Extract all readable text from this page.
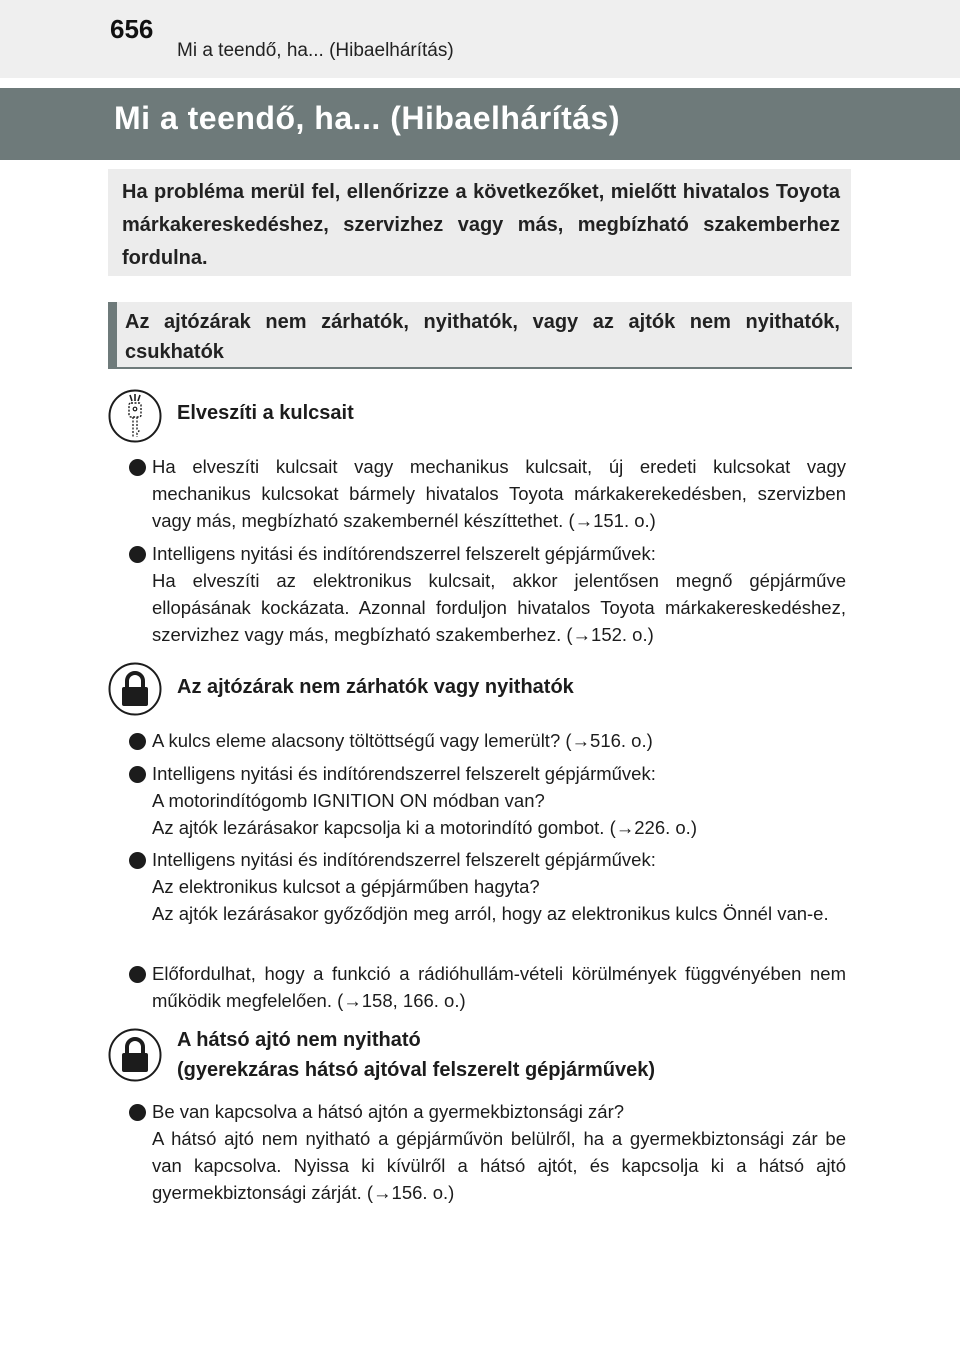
656
Mi a teendő, ha... (Hibaelhárítás)
Mi a teendő, ha... (Hibaelhárítás)
Ha probléma merül fel, ellenőrizze a következőket, mielőtt hivatalos Toyota márkakereskedéshez, szervizhez vagy más, megbízható szakemberhez fordulna.
Az ajtózárak nem zárhatók, nyithatók, vagy az ajtók nem nyithatók, csukhatók
Elveszíti a kulcsait
Ha elveszíti kulcsait vagy mechanikus kulcsait, új eredeti kulcsokat vagy mechanikus kulcsokat bármely hivatalos Toyota márkakerekedésben, szervizben vagy más, megbízható szakembernél készíttethet. (→151. o.)
Intelligens nyitási és indítórendszerrel felszerelt gépjárművek:
Ha elveszíti az elektronikus kulcsait, akkor jelentősen megnő gépjárműve ellopásának kockázata. Azonnal forduljon hivatalos Toyota márkakereskedéshez, szervizhez vagy más, megbízható szakemberhez. (→152. o.)
Az ajtózárak nem zárhatók vagy nyithatók
A kulcs eleme alacsony töltöttségű vagy lemerült? (→516. o.)
Intelligens nyitási és indítórendszerrel felszerelt gépjárművek:
A motorindítógomb IGNITION ON módban van?
Az ajtók lezárásakor kapcsolja ki a motorindító gombot. (→226. o.)
Intelligens nyitási és indítórendszerrel felszerelt gépjárművek:
Az elektronikus kulcsot a gépjárműben hagyta?
Az ajtók lezárásakor győződjön meg arról, hogy az elektronikus kulcs Önnél van-e.
Előfordulhat, hogy a funkció a rádióhullám-vételi körülmények függvényében nem működik megfelelően. (→158, 166. o.)
A hátsó ajtó nem nyitható
(gyerekzáras hátsó ajtóval felszerelt gépjárművek)
Be van kapcsolva a hátsó ajtón a gyermekbiztonsági zár?
A hátsó ajtó nem nyitható a gépjárművön belülről, ha a gyermekbiztonsági zár be van kapcsolva. Nyissa ki kívülről a hátsó ajtót, és kapcsolja ki a hátsó ajtó gyermekbiztonsági zárját. (→156. o.)
